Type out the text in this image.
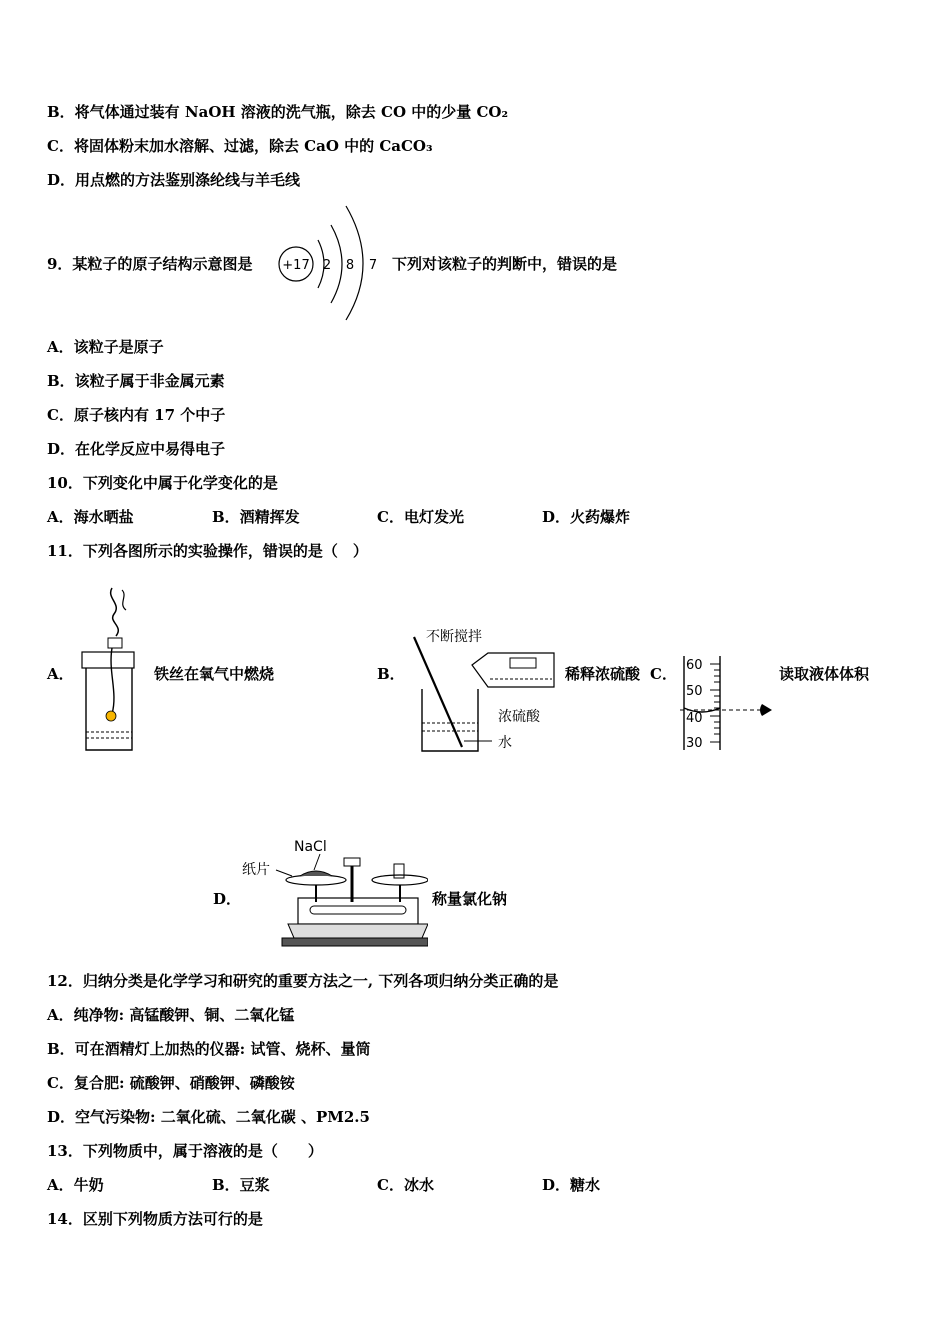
B．将气体通过装有 NaOH 溶液的洗气瓶，除去 CO 中的少量 CO₂
C．将固体粉末加水溶解、过滤，除去 CaO 中的 CaCO₃
D．用点燃的方法鉴别涤纶线与羊毛线
9．某粒子的原子结构示意图是 +17 2 8 7 下列对该粒子的判断中，错误的是
A．该粒子是原子
B．该粒子属于非金属元素
C．原子核内有 17 个中子
D．在化学反应中易得电子
10．下列变化中属于化学变化的是
A．海水晒盐	B．酒精挥发	C．电灯发光	D．火药爆炸
11．下列各图所示的实验操作，错误的是（　）
A．	铁丝在氧气中燃烧	B．
不断搅拌
浓硫酸
水
稀释浓硫酸 C． 60
50
40
30
读取液体体积
D．
NaCl
纸片
称量氯化钠
12．归纳分类是化学学习和研究的重要方法之一, 下列各项归纳分类正确的是
A．纯净物: 高锰酸钾、铜、二氧化锰
B．可在酒精灯上加热的仪器: 试管、烧杯、量筒
C．复合肥: 硫酸钾、硝酸钾、磷酸铵
D．空气污染物: 二氧化硫、二氧化碳 、PM2.5
13．下列物质中，属于溶液的是（　　）
A．牛奶	B．豆浆	C．冰水	D．糖水
14．区别下列物质方法可行的是
